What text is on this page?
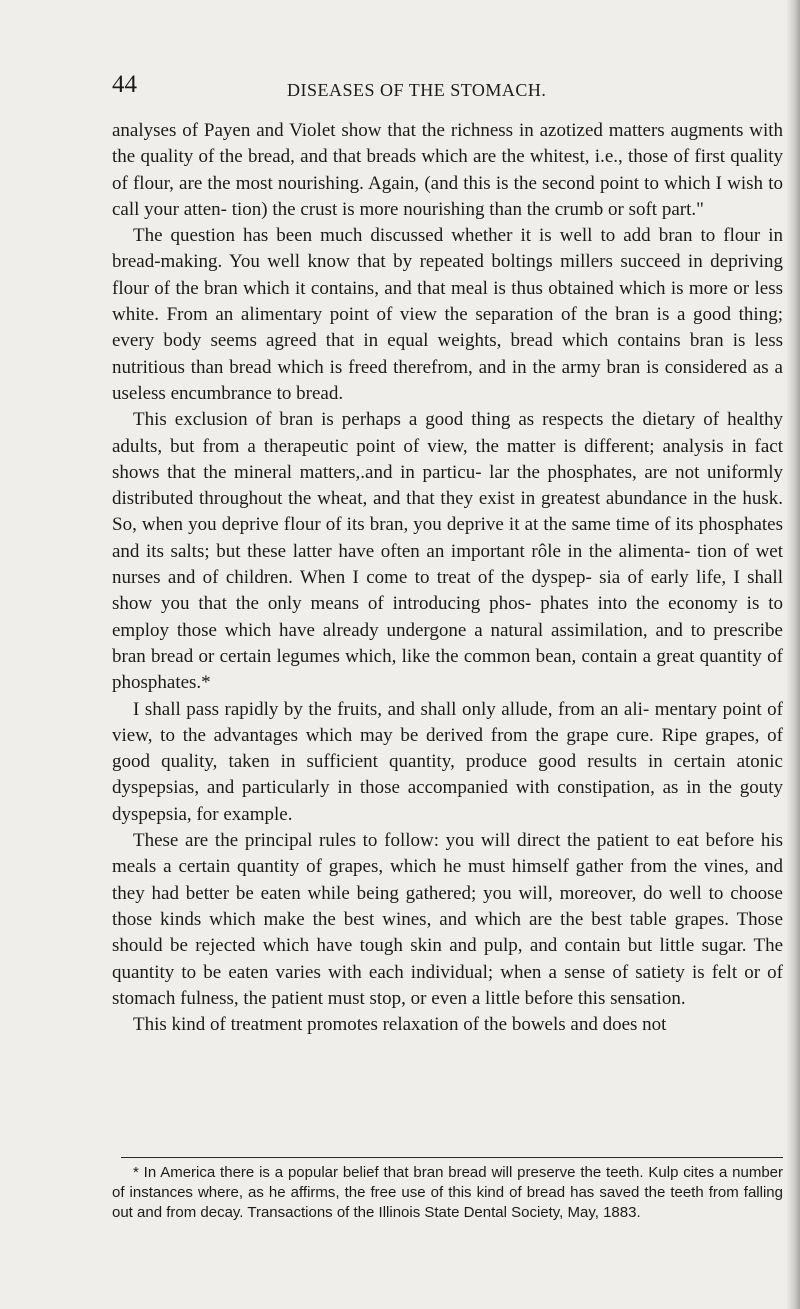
44	DISEASES OF THE STOMACH.

analyses of Payen and Violet show that the richness in azotized matters augments with the quality of the bread, and that breads which are the whitest, i.e., those of first quality of flour, are the most nourishing. Again, (and this is the second point to which I wish to call your atten- tion) the crust is more nourishing than the crumb or soft part."

The question has been much discussed whether it is well to add bran to flour in bread-making. You well know that by repeated boltings millers succeed in depriving flour of the bran which it contains, and that meal is thus obtained which is more or less white. From an alimentary point of view the separation of the bran is a good thing; every body seems agreed that in equal weights, bread which contains bran is less nutritious than bread which is freed therefrom, and in the army bran is considered as a useless encumbrance to bread.

This exclusion of bran is perhaps a good thing as respects the dietary of healthy adults, but from a therapeutic point of view, the matter is different; analysis in fact shows that the mineral matters,.and in particu- lar the phosphates, are not uniformly distributed throughout the wheat, and that they exist in greatest abundance in the husk. So, when you deprive flour of its bran, you deprive it at the same time of its phosphates and its salts; but these latter have often an important rôle in the alimenta- tion of wet nurses and of children. When I come to treat of the dyspep- sia of early life, I shall show you that the only means of introducing phos- phates into the economy is to employ those which have already undergone a natural assimilation, and to prescribe bran bread or certain legumes which, like the common bean, contain a great quantity of phosphates.*

I shall pass rapidly by the fruits, and shall only allude, from an ali- mentary point of view, to the advantages which may be derived from the grape cure. Ripe grapes, of good quality, taken in sufficient quantity, produce good results in certain atonic dyspepsias, and particularly in those accompanied with constipation, as in the gouty dyspepsia, for example.

These are the principal rules to follow: you will direct the patient to eat before his meals a certain quantity of grapes, which he must himself gather from the vines, and they had better be eaten while being gathered; you will, moreover, do well to choose those kinds which make the best wines, and which are the best table grapes. Those should be rejected which have tough skin and pulp, and contain but little sugar. The quantity to be eaten varies with each individual; when a sense of satiety is felt or of stomach fulness, the patient must stop, or even a little before this sensation.

This kind of treatment promotes relaxation of the bowels and does not

* In America there is a popular belief that bran bread will preserve the teeth. Kulp cites a number of instances where, as he affirms, the free use of this kind of bread has saved the teeth from falling out and from decay. Transactions of the Illinois State Dental Society, May, 1883.
